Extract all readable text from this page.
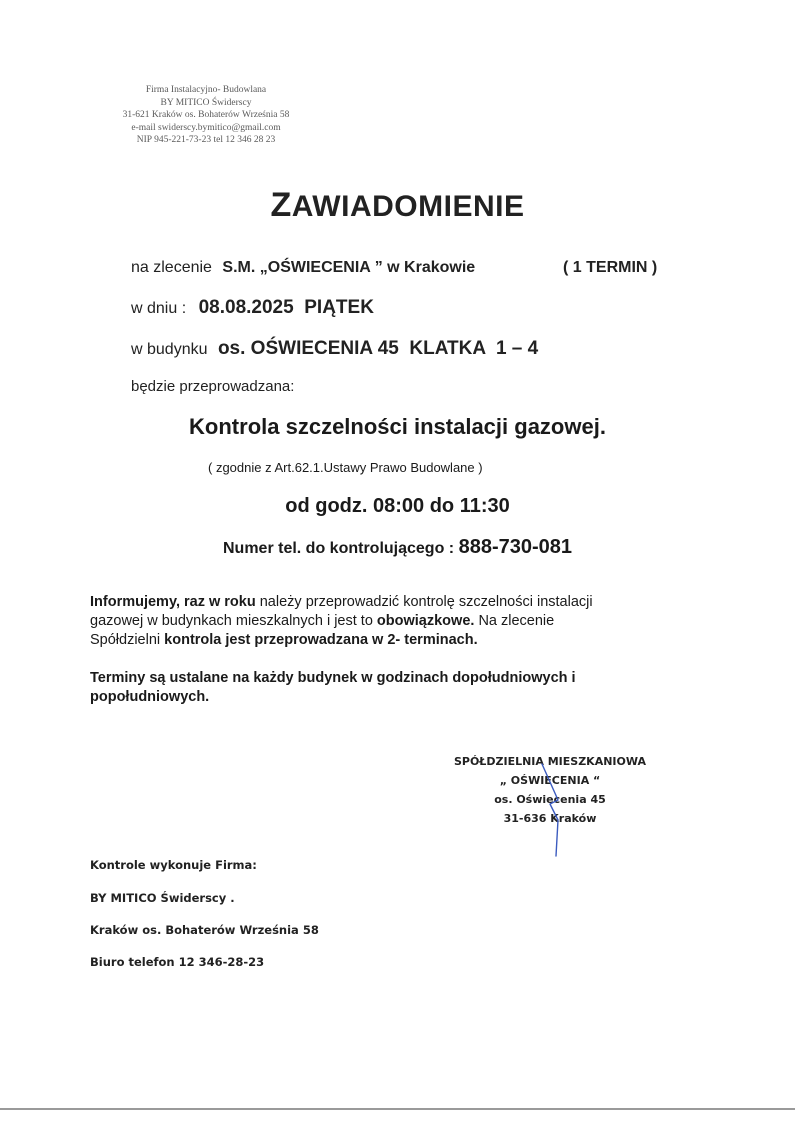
Firma Instalacyjno- Budowlana
BY MITICO Świderscy
31-621 Kraków os. Bohaterów Września 58
e-mail swiderscy.bymitico@gmail.com
NIP 945-221-73-23 tel 12 346 28 23
ZAWIADOMIENIE
na zlecenie S.M. „OŚWIECENIA ” w Krakowie	( 1 TERMIN )
w dniu : 08.08.2025  PIĄTEK
w budynku os. OŚWIECENIA 45  KLATKA  1 – 4
będzie przeprowadzana:
Kontrola szczelności instalacji gazowej.
( zgodnie z Art.62.1.Ustawy Prawo Budowlane )
od godz. 08:00 do 11:30
Numer tel. do kontrolującego : 888-730-081
Informujemy, raz w roku należy przeprowadzić kontrolę szczelności instalacji
gazowej w budynkach mieszkalnych i jest to obowiązkowe. Na zlecenie
Spółdzielni kontrola jest przeprowadzana w 2- terminach.
Terminy są ustalane na każdy budynek w godzinach dopołudniowych i
popołudniowych.
SPÓŁDZIELNIA MIESZKANIOWA
„ OŚWIECENIA “
os. Oświecenia 45
31-636 Kraków
Kontrole wykonuje Firma:
BY MITICO Świderscy .
Kraków os. Bohaterów Września 58
Biuro telefon 12 346-28-23
